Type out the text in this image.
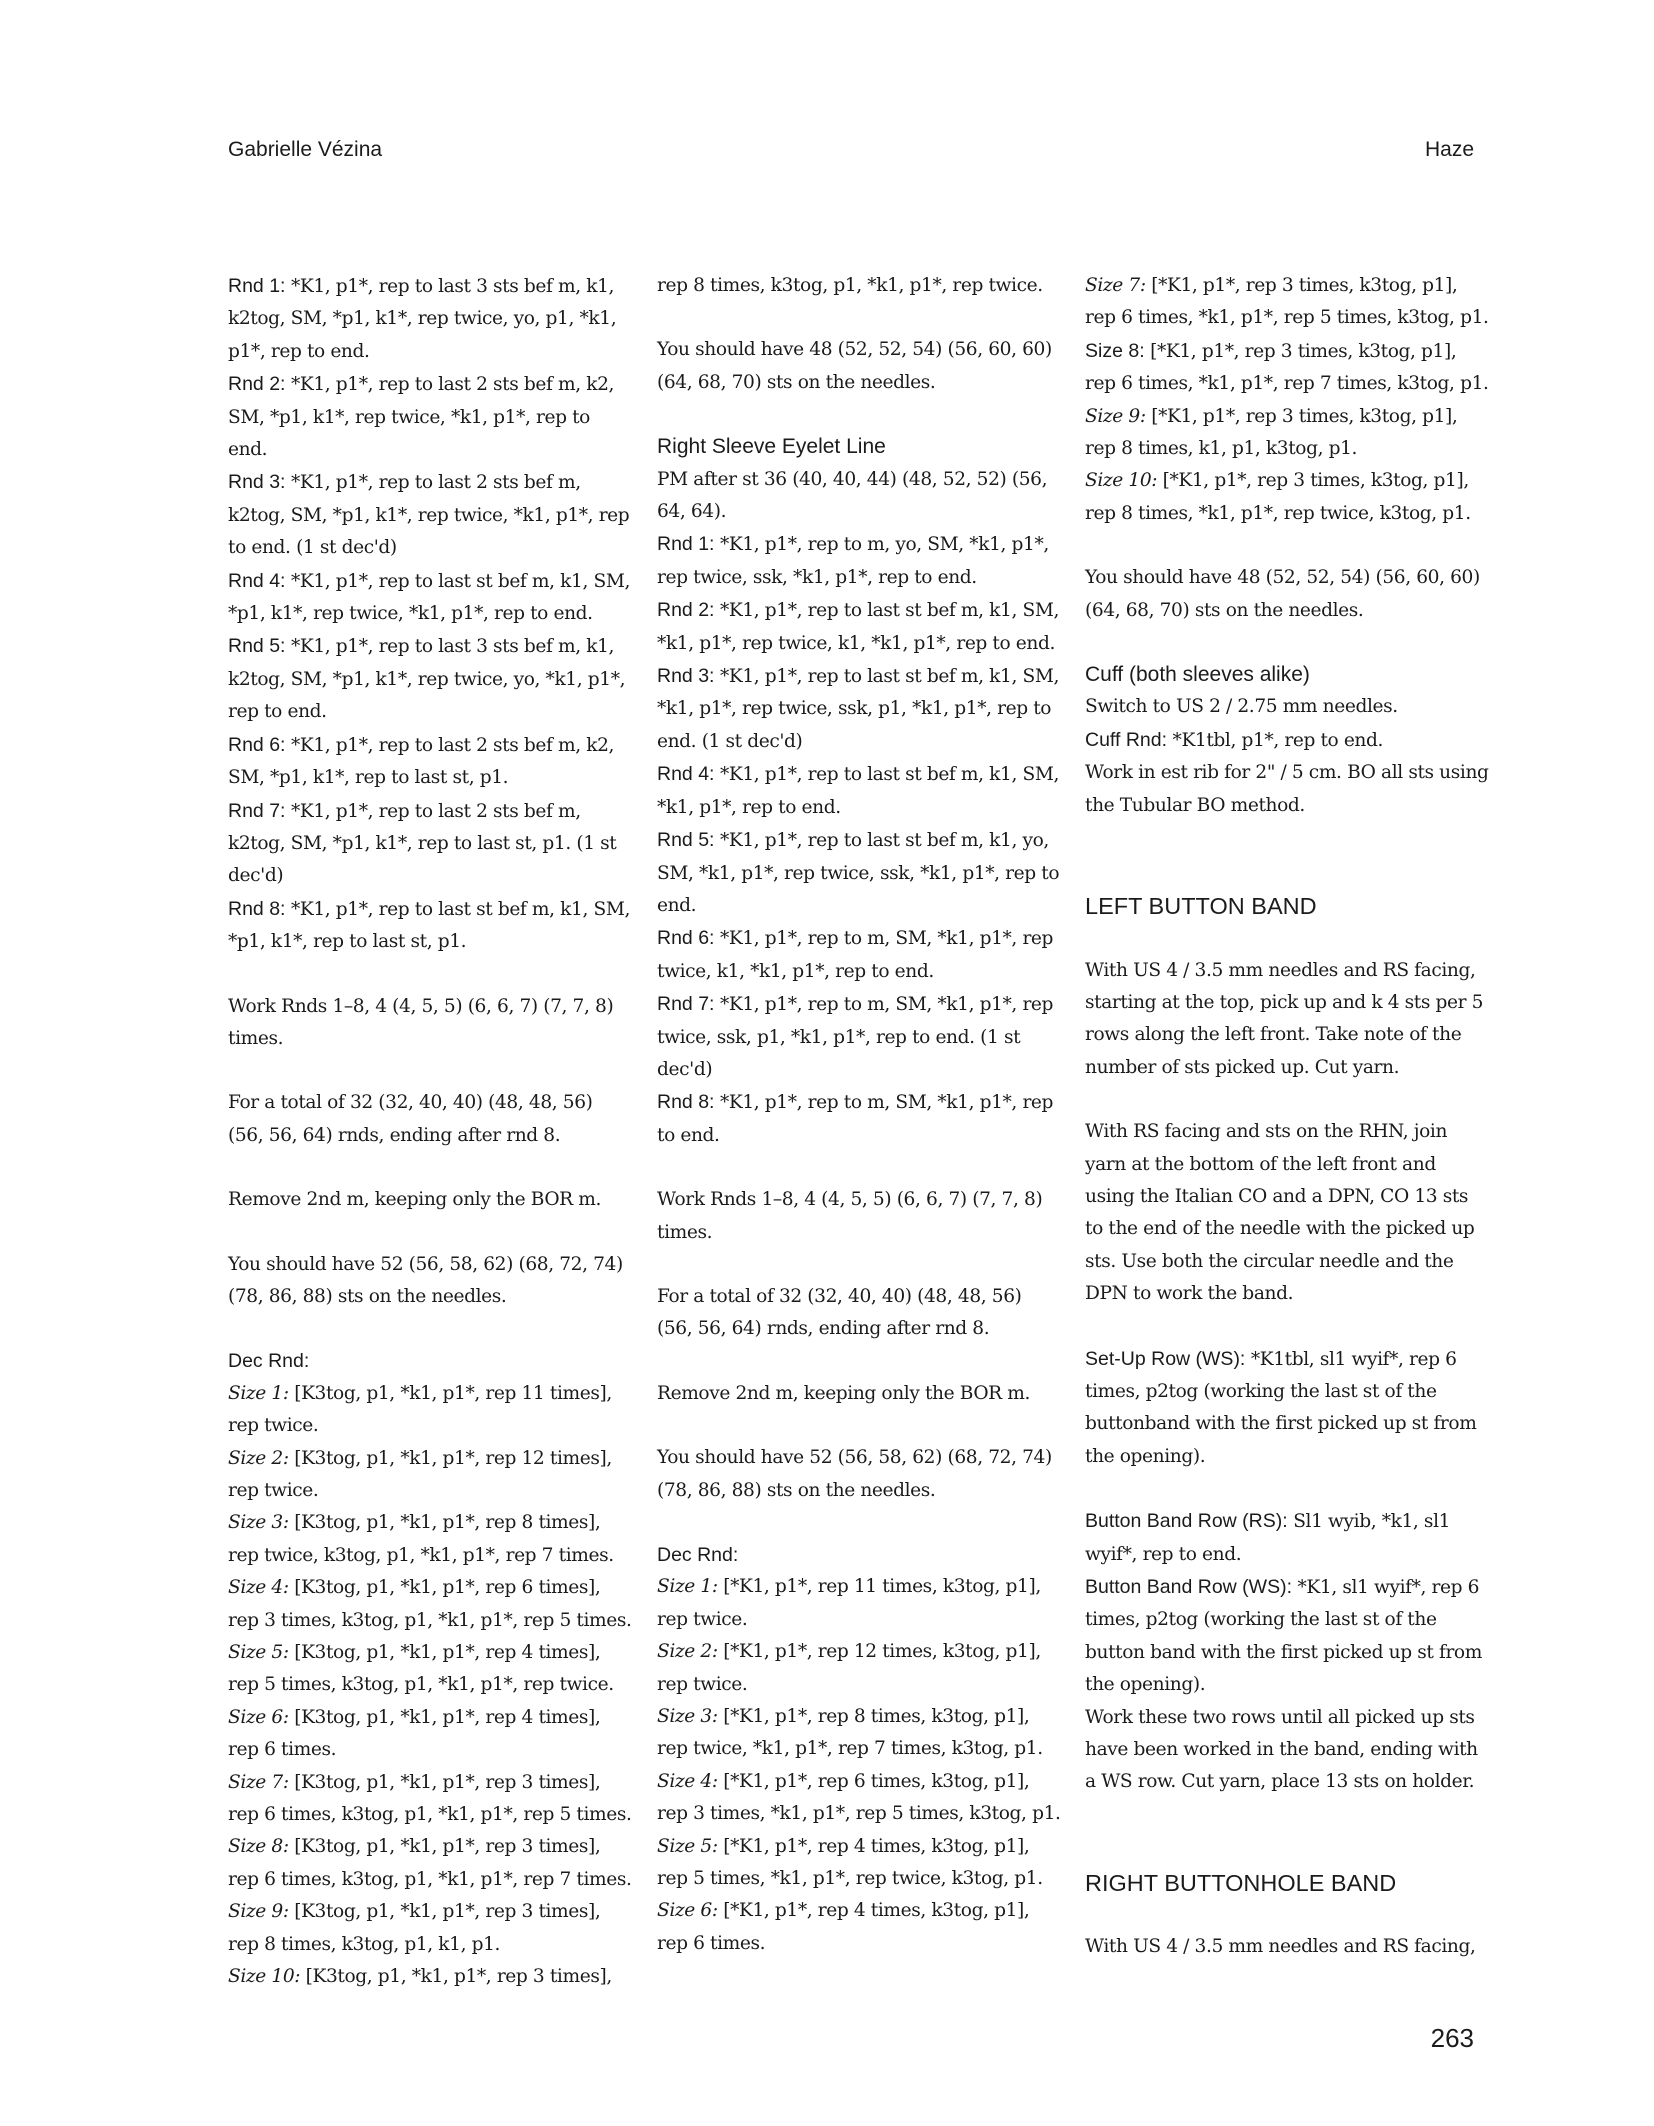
Gabrielle Vézina	Haze

Rnd 1: *K1, p1*, rep to last 3 sts bef m, k1, k2tog, SM, *p1, k1*, rep twice, yo, p1, *k1, p1*, rep to end.

Rnd 2: *K1, p1*, rep to last 2 sts bef m, k2, SM, *p1, k1*, rep twice, *k1, p1*, rep to end.

Rnd 3: *K1, p1*, rep to last 2 sts bef m, k2tog, SM, *p1, k1*, rep twice, *k1, p1*, rep to end. (1 st dec'd)

Rnd 4: *K1, p1*, rep to last st bef m, k1, SM, *p1, k1*, rep twice, *k1, p1*, rep to end.

Rnd 5: *K1, p1*, rep to last 3 sts bef m, k1, k2tog, SM, *p1, k1*, rep twice, yo, *k1, p1*, rep to end.

Rnd 6: *K1, p1*, rep to last 2 sts bef m, k2, SM, *p1, k1*, rep to last st, p1.

Rnd 7: *K1, p1*, rep to last 2 sts bef m, k2tog, SM, *p1, k1*, rep to last st, p1. (1 st dec'd)

Rnd 8: *K1, p1*, rep to last st bef m, k1, SM, *p1, k1*, rep to last st, p1.

Work Rnds 1–8, 4 (4, 5, 5) (6, 6, 7) (7, 7, 8) times.

For a total of 32 (32, 40, 40) (48, 48, 56) (56, 56, 64) rnds, ending after rnd 8.

Remove 2nd m, keeping only the BOR m.

You should have 52 (56, 58, 62) (68, 72, 74) (78, 86, 88) sts on the needles.

Dec Rnd:

Size 1: [K3tog, p1, *k1, p1*, rep 11 times], rep twice.

Size 2: [K3tog, p1, *k1, p1*, rep 12 times], rep twice.

Size 3: [K3tog, p1, *k1, p1*, rep 8 times], rep twice, k3tog, p1, *k1, p1*, rep 7 times.

Size 4: [K3tog, p1, *k1, p1*, rep 6 times], rep 3 times, k3tog, p1, *k1, p1*, rep 5 times.

Size 5: [K3tog, p1, *k1, p1*, rep 4 times], rep 5 times, k3tog, p1, *k1, p1*, rep twice.

Size 6: [K3tog, p1, *k1, p1*, rep 4 times], rep 6 times.

Size 7: [K3tog, p1, *k1, p1*, rep 3 times], rep 6 times, k3tog, p1, *k1, p1*, rep 5 times.

Size 8: [K3tog, p1, *k1, p1*, rep 3 times], rep 6 times, k3tog, p1, *k1, p1*, rep 7 times.

Size 9: [K3tog, p1, *k1, p1*, rep 3 times], rep 8 times, k3tog, p1, k1, p1.

Size 10: [K3tog, p1, *k1, p1*, rep 3 times],

rep 8 times, k3tog, p1, *k1, p1*, rep twice.

You should have 48 (52, 52, 54) (56, 60, 60) (64, 68, 70) sts on the needles.

Right Sleeve Eyelet Line

PM after st 36 (40, 40, 44) (48, 52, 52) (56, 64, 64).

Rnd 1: *K1, p1*, rep to m, yo, SM, *k1, p1*, rep twice, ssk, *k1, p1*, rep to end.

Rnd 2: *K1, p1*, rep to last st bef m, k1, SM, *k1, p1*, rep twice, k1, *k1, p1*, rep to end.

Rnd 3: *K1, p1*, rep to last st bef m, k1, SM, *k1, p1*, rep twice, ssk, p1, *k1, p1*, rep to end. (1 st dec'd)

Rnd 4: *K1, p1*, rep to last st bef m, k1, SM, *k1, p1*, rep to end.

Rnd 5: *K1, p1*, rep to last st bef m, k1, yo, SM, *k1, p1*, rep twice, ssk, *k1, p1*, rep to end.

Rnd 6: *K1, p1*, rep to m, SM, *k1, p1*, rep twice, k1, *k1, p1*, rep to end.

Rnd 7: *K1, p1*, rep to m, SM, *k1, p1*, rep twice, ssk, p1, *k1, p1*, rep to end. (1 st dec'd)

Rnd 8: *K1, p1*, rep to m, SM, *k1, p1*, rep to end.

Work Rnds 1–8, 4 (4, 5, 5) (6, 6, 7) (7, 7, 8) times.

For a total of 32 (32, 40, 40) (48, 48, 56) (56, 56, 64) rnds, ending after rnd 8.

Remove 2nd m, keeping only the BOR m.

You should have 52 (56, 58, 62) (68, 72, 74) (78, 86, 88) sts on the needles.

Dec Rnd:

Size 1: [*K1, p1*, rep 11 times, k3tog, p1], rep twice.

Size 2: [*K1, p1*, rep 12 times, k3tog, p1], rep twice.

Size 3: [*K1, p1*, rep 8 times, k3tog, p1], rep twice, *k1, p1*, rep 7 times, k3tog, p1.

Size 4: [*K1, p1*, rep 6 times, k3tog, p1], rep 3 times, *k1, p1*, rep 5 times, k3tog, p1.

Size 5: [*K1, p1*, rep 4 times, k3tog, p1], rep 5 times, *k1, p1*, rep twice, k3tog, p1.

Size 6: [*K1, p1*, rep 4 times, k3tog, p1], rep 6 times.

Size 7: [*K1, p1*, rep 3 times, k3tog, p1], rep 6 times, *k1, p1*, rep 5 times, k3tog, p1.

Size 8: [*K1, p1*, rep 3 times, k3tog, p1], rep 6 times, *k1, p1*, rep 7 times, k3tog, p1.

Size 9: [*K1, p1*, rep 3 times, k3tog, p1], rep 8 times, k1, p1, k3tog, p1.

Size 10: [*K1, p1*, rep 3 times, k3tog, p1], rep 8 times, *k1, p1*, rep twice, k3tog, p1.

You should have 48 (52, 52, 54) (56, 60, 60) (64, 68, 70) sts on the needles.

Cuff (both sleeves alike)

Switch to US 2 / 2.75 mm needles.

Cuff Rnd: *K1tbl, p1*, rep to end.

Work in est rib for 2" / 5 cm. BO all sts using the Tubular BO method.

LEFT BUTTON BAND

With US 4 / 3.5 mm needles and RS facing, starting at the top, pick up and k 4 sts per 5 rows along the left front. Take note of the number of sts picked up. Cut yarn.

With RS facing and sts on the RHN, join yarn at the bottom of the left front and using the Italian CO and a DPN, CO 13 sts to the end of the needle with the picked up sts. Use both the circular needle and the DPN to work the band.

Set-Up Row (WS): *K1tbl, sl1 wyif*, rep 6 times, p2tog (working the last st of the buttonband with the first picked up st from the opening).

Button Band Row (RS): Sl1 wyib, *k1, sl1 wyif*, rep to end.

Button Band Row (WS): *K1, sl1 wyif*, rep 6 times, p2tog (working the last st of the button band with the first picked up st from the opening).

Work these two rows until all picked up sts have been worked in the band, ending with a WS row. Cut yarn, place 13 sts on holder.

RIGHT BUTTONHOLE BAND

With US 4 / 3.5 mm needles and RS facing,

263
